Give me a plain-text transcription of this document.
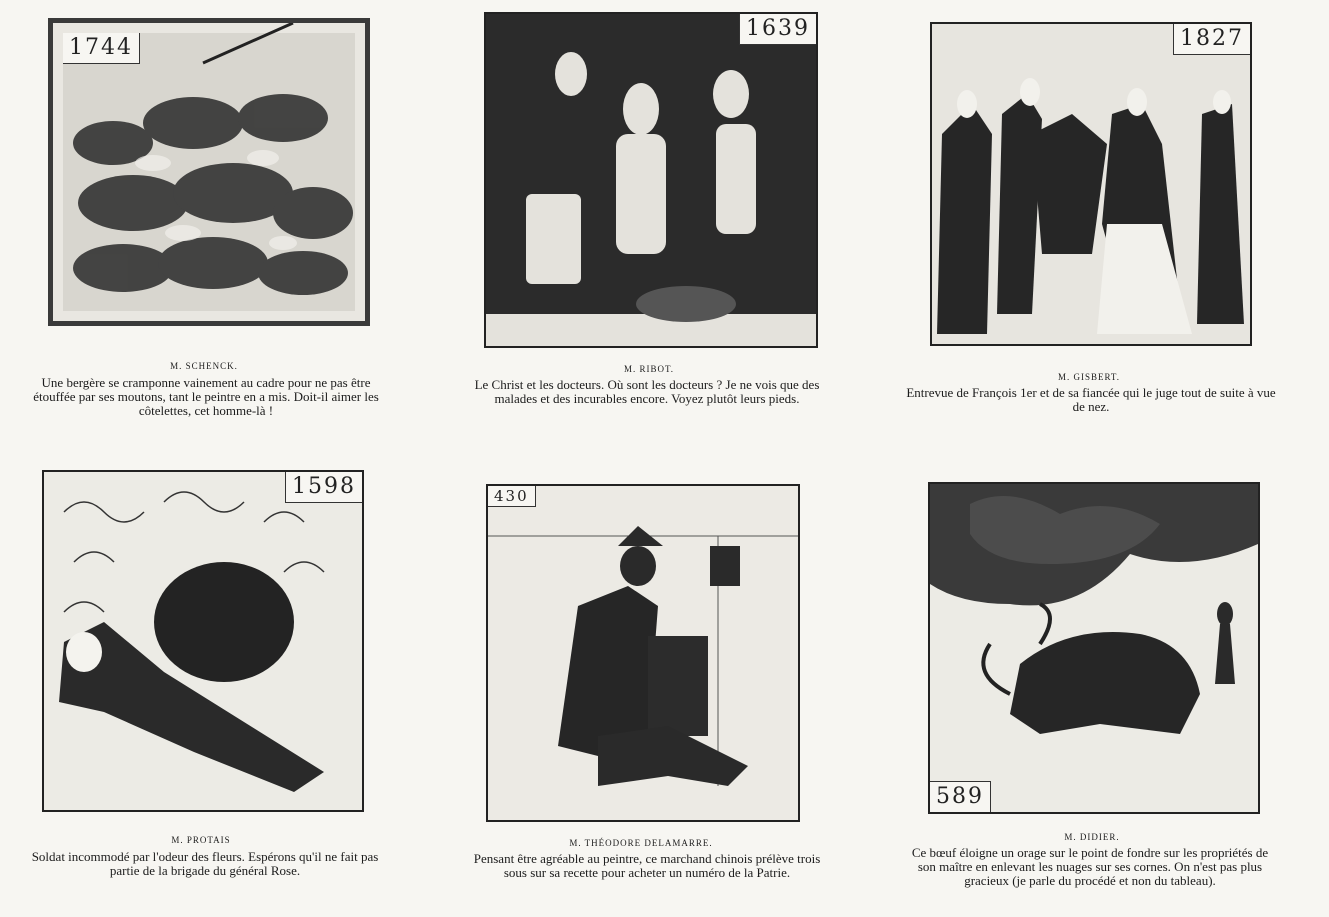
1744
M. SCHENCK.
Une bergère se cramponne vainement au cadre pour ne pas être étouffée par ses moutons, tant le peintre en a mis. Doit-il aimer les côtelettes, cet homme-là !
1639
M. RIBOT.
Le Christ et les docteurs. Où sont les docteurs ? Je ne vois que des malades et des incurables encore. Voyez plutôt leurs pieds.
1827
M. GISBERT.
Entrevue de François 1er et de sa fiancée qui le juge tout de suite à vue de nez.
1598
M. PROTAIS
Soldat incommodé par l'odeur des fleurs. Espérons qu'il ne fait pas partie de la brigade du général Rose.
430
M. THÉODORE DELAMARRE.
Pensant être agréable au peintre, ce marchand chinois prélève trois sous sur sa recette pour acheter un numéro de la Patrie.
589
M. DIDIER.
Ce bœuf éloigne un orage sur le point de fondre sur les propriétés de son maître en enlevant les nuages sur ses cornes. On n'est pas plus gracieux (je parle du procédé et non du tableau).
